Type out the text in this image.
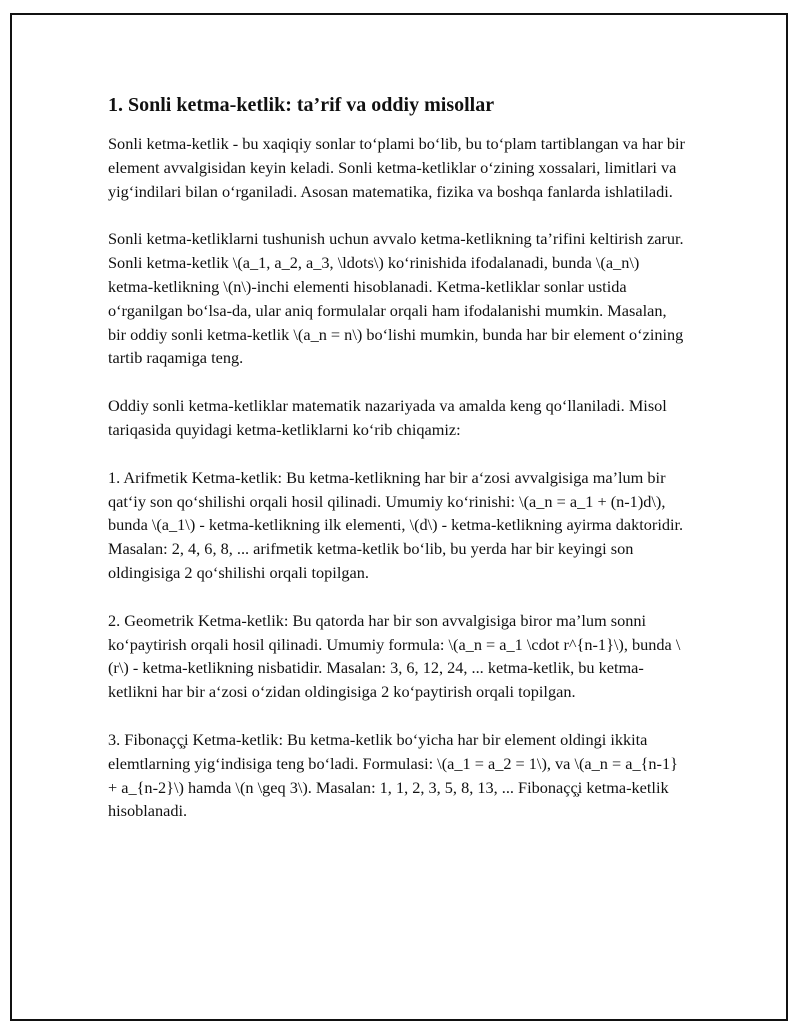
1. Sonli ketma-ketlik: ta’rif va oddiy misollar

Sonli ketma-ketlik - bu xaqiqiy sonlar to‘plami bo‘lib, bu to‘plam tartiblangan va har bir element avvalgisidan keyin keladi. Sonli ketma-ketliklar o‘zining xossalari, limitlari va yig‘indilari bilan o‘rganiladi. Asosan matematika, fizika va boshqa fanlarda ishlatiladi.

Sonli ketma-ketliklarni tushunish uchun avvalo ketma-ketlikning ta’rifini keltirish zarur. Sonli ketma-ketlik \(a_1, a_2, a_3, \ldots\) ko‘rinishida ifodalanadi, bunda \(a_n\) ketma-ketlikning \(n\)-inchi elementi hisoblanadi. Ketma-ketliklar sonlar ustida o‘rganilgan bo‘lsa-da, ular aniq formulalar orqali ham ifodalanishi mumkin. Masalan, bir oddiy sonli ketma-ketlik \(a_n = n\) bo‘lishi mumkin, bunda har bir element o‘zining tartib raqamiga teng.

Oddiy sonli ketma-ketliklar matematik nazariyada va amalda keng qo‘llaniladi. Misol tariqasida quyidagi ketma-ketliklarni ko‘rib chiqamiz:

1. Arifmetik Ketma-ketlik: Bu ketma-ketlikning har bir a‘zosi avvalgisiga ma’lum bir qat‘iy son qo‘shilishi orqali hosil qilinadi. Umumiy ko‘rinishi: \(a_n = a_1 + (n-1)d\), bunda \(a_1\) - ketma-ketlikning ilk elementi, \(d\) - ketma-ketlikning ayirma daktoridir. Masalan: 2, 4, 6, 8, ... arifmetik ketma-ketlik bo‘lib, bu yerda har bir keyingi son oldingisiga 2 qo‘shilishi orqali topilgan.

2. Geometrik Ketma-ketlik: Bu qatorda har bir son avvalgisiga biror ma’lum sonni ko‘paytirish orqali hosil qilinadi. Umumiy formula: \(a_n = a_1 \cdot r^{n-1}\), bunda \(r\) - ketma-ketlikning nisbatidir. Masalan: 3, 6, 12, 24, ... ketma-ketlik, bu ketma-ketlikni har bir a‘zosi o‘zidan oldingisiga 2 ko‘paytirish orqali topilgan.

3. Fibonaçç̧i Ketma-ketlik: Bu ketma-ketlik bo‘yicha har bir element oldingi ikkita elemtlarning yig‘indisiga teng bo‘ladi. Formulasi: \(a_1 = a_2 = 1\), va \(a_n = a_{n-1} + a_{n-2}\) hamda \(n \geq 3\). Masalan: 1, 1, 2, 3, 5, 8, 13, ... Fibonaçç̧i ketma-ketlik hisoblanadi.
